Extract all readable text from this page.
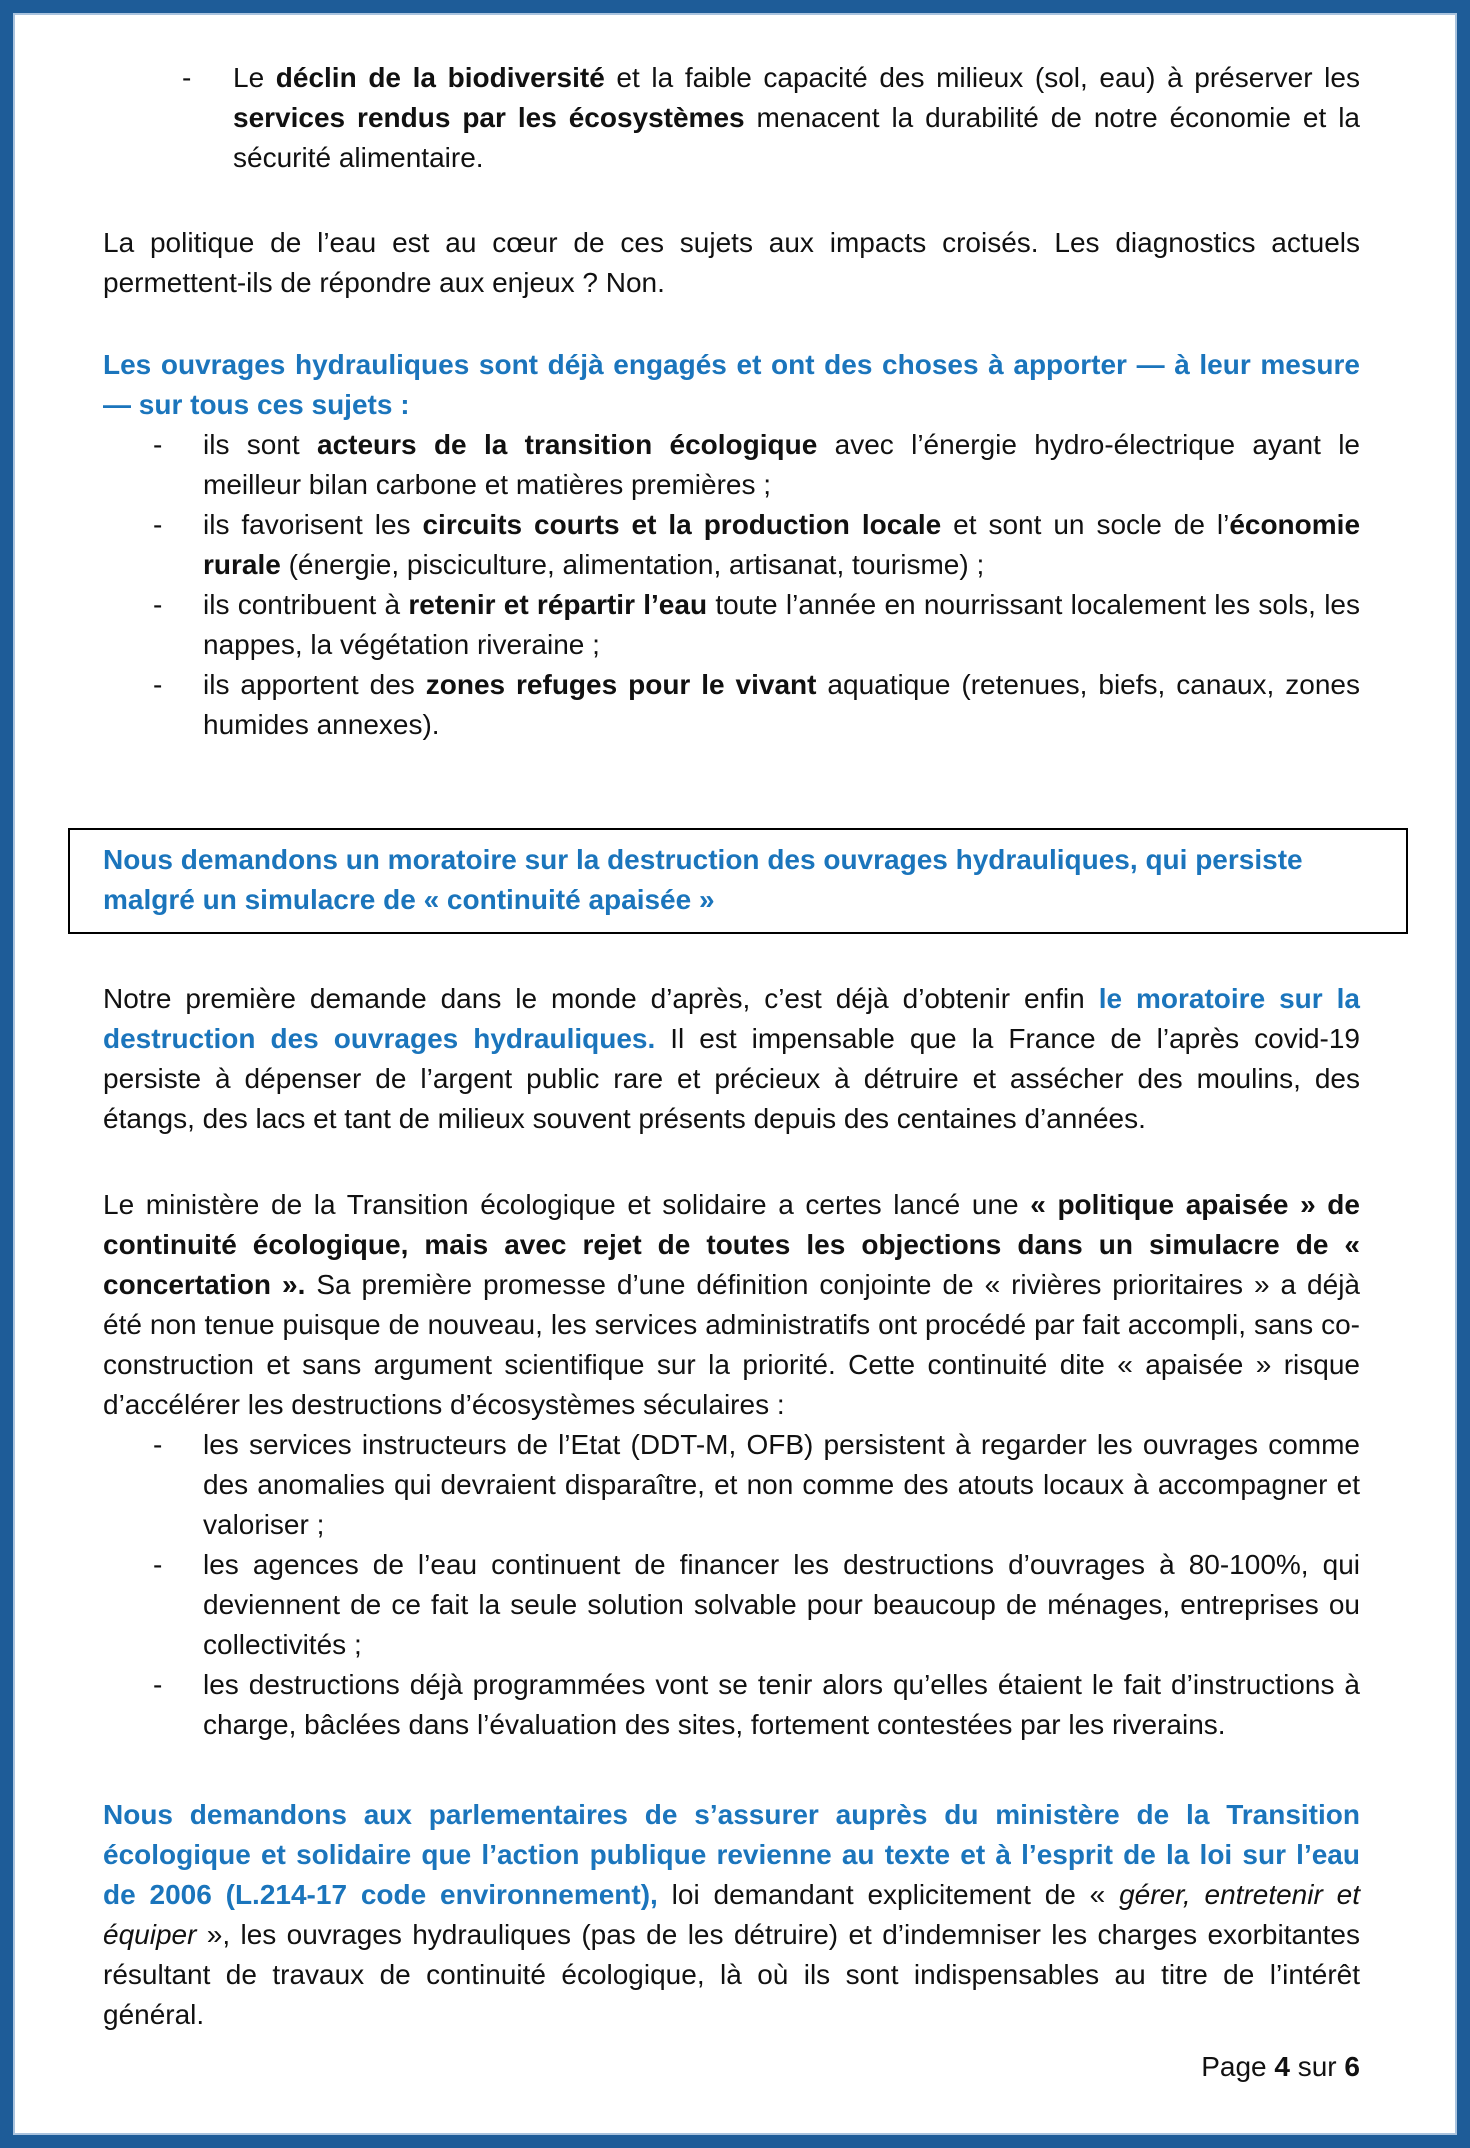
-	Le déclin de la biodiversité et la faible capacité des milieux (sol, eau) à préserver les services rendus par les écosystèmes menacent la durabilité de notre économie et la sécurité alimentaire.

La politique de l’eau est au cœur de ces sujets aux impacts croisés. Les diagnostics actuels permettent-ils de répondre aux enjeux ? Non.

Les ouvrages hydrauliques sont déjà engagés et ont des choses à apporter — à leur mesure — sur tous ces sujets :

-	ils sont acteurs de la transition écologique avec l’énergie hydro-électrique ayant le meilleur bilan carbone et matières premières ;
-	ils favorisent les circuits courts et la production locale et sont un socle de l’économie rurale (énergie, pisciculture, alimentation, artisanat, tourisme) ;
-	ils contribuent à retenir et répartir l’eau toute l’année en nourrissant localement les sols, les nappes, la végétation riveraine ;
-	ils apportent des zones refuges pour le vivant aquatique (retenues, biefs, canaux, zones humides annexes).
Nous demandons un moratoire sur la destruction des ouvrages hydrauliques, qui persiste malgré un simulacre de « continuité apaisée »

Notre première demande dans le monde d’après, c’est déjà d’obtenir enfin le moratoire sur la destruction des ouvrages hydrauliques. Il est impensable que la France de l’après covid-19 persiste à dépenser de l’argent public rare et précieux à détruire et assécher des moulins, des étangs, des lacs et tant de milieux souvent présents depuis des centaines d’années.

Le ministère de la Transition écologique et solidaire a certes lancé une « politique apaisée » de continuité écologique, mais avec rejet de toutes les objections dans un simulacre de « concertation ». Sa première promesse d’une définition conjointe de « rivières prioritaires » a déjà été non tenue puisque de nouveau, les services administratifs ont procédé par fait accompli, sans co-construction et sans argument scientifique sur la priorité. Cette continuité dite « apaisée » risque d’accélérer les destructions d’écosystèmes séculaires :

-	les services instructeurs de l’Etat (DDT-M, OFB) persistent à regarder les ouvrages comme des anomalies qui devraient disparaître, et non comme des atouts locaux à accompagner et valoriser ;
-	les agences de l’eau continuent de financer les destructions d’ouvrages à 80-100%, qui deviennent de ce fait la seule solution solvable pour beaucoup de ménages, entreprises ou collectivités ;
-	les destructions déjà programmées vont se tenir alors qu’elles étaient le fait d’instructions à charge, bâclées dans l’évaluation des sites, fortement contestées par les riverains.

Nous demandons aux parlementaires de s’assurer auprès du ministère de la Transition écologique et solidaire que l’action publique revienne au texte et à l’esprit de la loi sur l’eau de 2006 (L.214-17 code environnement), loi demandant explicitement de « gérer, entretenir et équiper », les ouvrages hydrauliques (pas de les détruire) et d’indemniser les charges exorbitantes résultant de travaux de continuité écologique, là où ils sont indispensables au titre de l’intérêt général.

Page 4 sur 6
